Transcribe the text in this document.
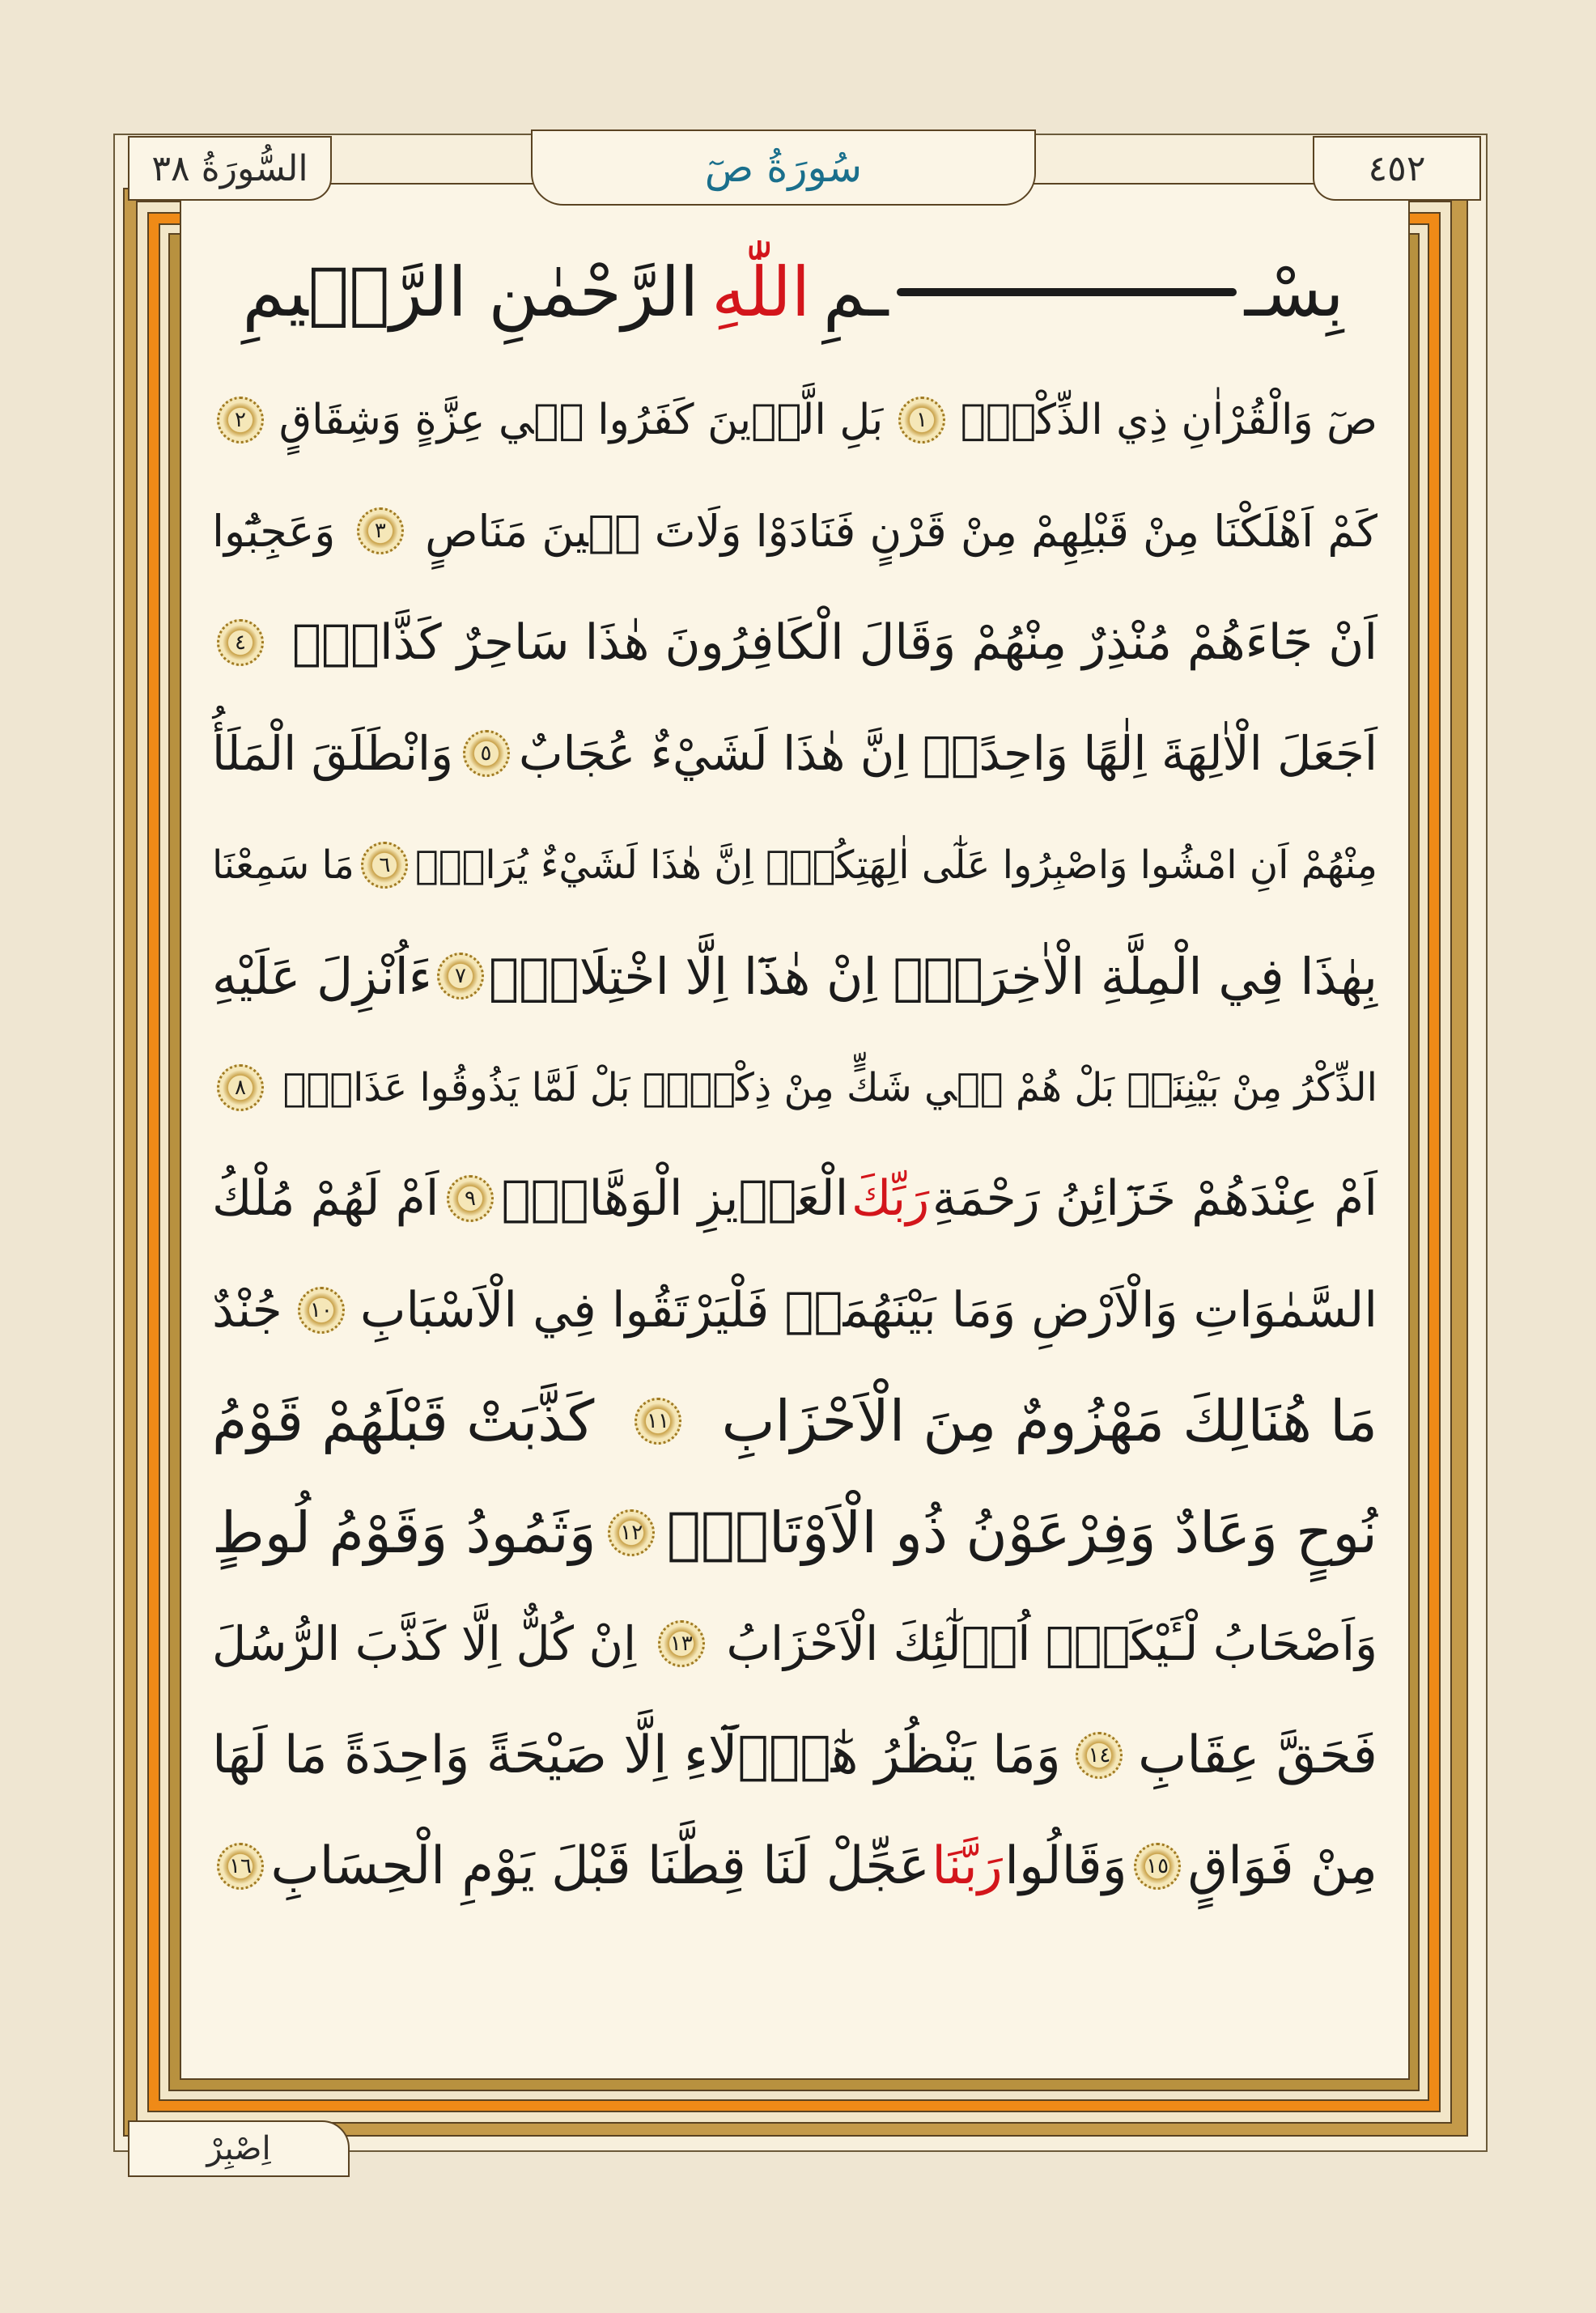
السُّورَةُ ٣٨	سُورَةُ صٓ	٤٥٢
اِصْبِرْ
بِسْـ
ـمِ
اللّٰهِ
الرَّحْمٰنِ الرَّح۪يمِ
صٓ وَالْقُرْاٰنِ ذِي الذِّكْرِۜ
١
بَلِ الَّذ۪ينَ كَفَرُوا ف۪ي عِزَّةٍ وَشِقَاقٍ
٢
كَمْ اَهْلَكْنَا مِنْ قَبْلِهِمْ مِنْ قَرْنٍ فَنَادَوْا وَلَاتَ ح۪ينَ مَنَاصٍ
٣
وَعَجِبُٓوا
اَنْ جَٓاءَهُمْ مُنْذِرٌ مِنْهُمْ وَقَالَ الْكَافِرُونَ هٰذَا سَاحِرٌ كَذَّابٌۚ
٤
اَجَعَلَ الْاٰلِهَةَ اِلٰهًا وَاحِدًاۚ اِنَّ هٰذَا لَشَيْءٌ عُجَابٌ
٥
وَانْطَلَقَ الْمَلَأُ
مِنْهُمْ اَنِ امْشُوا وَاصْبِرُوا عَلٰٓى اٰلِهَتِكُمْۚ اِنَّ هٰذَا لَشَيْءٌ يُرَادُۚ
٦
مَا سَمِعْنَا
بِهٰذَا فِي الْمِلَّةِ الْاٰخِرَةِۚ اِنْ هٰذَٓا اِلَّا اخْتِلَاقٌۚ
٧
ءَاُنْزِلَ عَلَيْهِ
الذِّكْرُ مِنْ بَيْنِنَاۜ بَلْ هُمْ ف۪ي شَكٍّ مِنْ ذِكْر۪يۚ بَلْ لَمَّا يَذُوقُوا عَذَابِۜ
٨
اَمْ عِنْدَهُمْ خَزَٓائِنُ رَحْمَةِ
رَبِّكَ
الْعَز۪يزِ الْوَهَّابِۚ
٩
اَمْ لَهُمْ مُلْكُ
السَّمٰوَاتِ وَالْاَرْضِ وَمَا بَيْنَهُمَاۙ فَلْيَرْتَقُوا فِي الْاَسْبَابِ
١٠
جُنْدٌ
مَا هُنَالِكَ مَهْزُومٌ مِنَ الْاَحْزَابِ
١١
كَذَّبَتْ قَبْلَهُمْ قَوْمُ
نُوحٍ وَعَادٌ وَفِرْعَوْنُ ذُو الْاَوْتَادِۙ
١٢
وَثَمُودُ وَقَوْمُ لُوطٍ
وَاَصْحَابُ لْـَٔيْكَةِۜ اُو۬لٰٓئِكَ الْاَحْزَابُ
١٣
اِنْ كُلٌّ اِلَّا كَذَّبَ الرُّسُلَ
فَحَقَّ عِقَابِ
١٤
وَمَا يَنْظُرُ هٰٓؤُ۬لَٓاءِ اِلَّا صَيْحَةً وَاحِدَةً مَا لَهَا
مِنْ فَوَاقٍ
١٥
وَقَالُوا
رَبَّنَا
عَجِّلْ لَنَا قِطَّنَا قَبْلَ يَوْمِ الْحِسَابِ
١٦
